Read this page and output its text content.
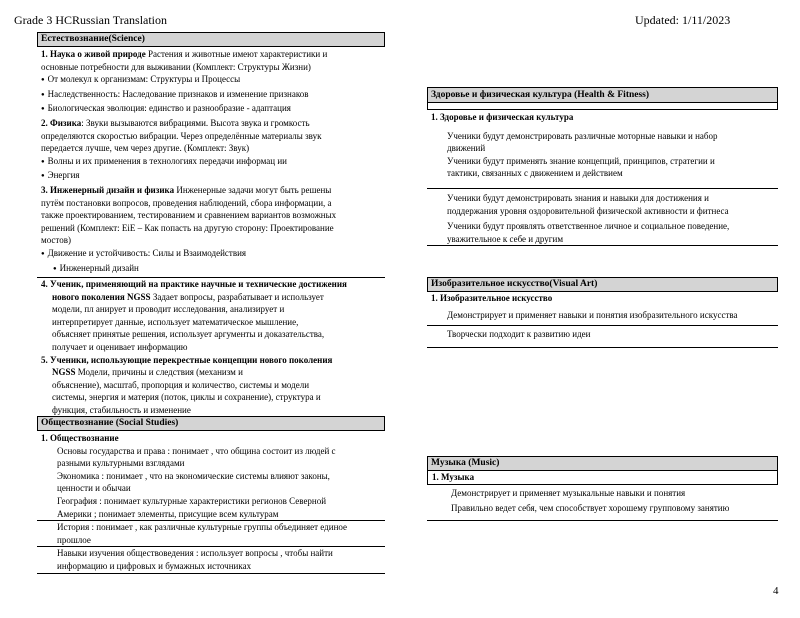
Grade 3 HCRussian Translation	Updated: 1/11/2023
Естествознание(Science)
1. Наука о живой природе Растения и животные имеют характеристики и
основные потребности для выживании (Комплект: Структуры Жизни)
● От молекул к организмам: Структуры и Процессы
● Наследственность: Наследование признаков и изменение признаков
● Биологическая эволюция: единство и разнообразие - адаптация
2. Физика: Звуки вызываются вибрациями. Высота звука и громкость
определяются скоростью вибрации. Через определённые материалы звук
передается лучше, чем через другие. (Комплект: Звук)
● Волны и их применения в технологиях передачи информац ии
● Энергия
3. Инженерный дизайн и физика Инженерные задачи могут быть решены
путём постановки вопросов, проведения наблюдений, сбора информации, а
также проектированием, тестированием и сравнением вариантов возможных
решений (Комплект: EiE – Как попасть на другую сторону: Проектирование
мостов)
● Движение и устойчивость: Силы и Взаимодействия
● Инженерный дизайн
4. Ученик, применяющий на практике научные и технические достижения
нового поколения NGSS Задает вопросы, разрабатывает и использует
модели, пл анирует и проводит исследования, анализирует и
интерпретирует данные, использует математическое мышление,
объясняет принятые решения, использует аргументы и доказательства,
получает и оценивает информацию
5. Ученики, использующие перекрестные концепции нового поколения
NGSS Модели, причины и следствия (механизм и
объяснение), масштаб, пропорция и количество, системы и модели
системы, энергия и материя (поток, циклы и сохранение), структура и
функция, стабильность и изменение
Обществознание (Social Studies)
1. Обществознание
Основы государства и права : понимает , что община состоит из людей с
разными культурными взглядами
Экономика : понимает , что на экономические системы влияют законы,
ценности и обычаи
География : понимает культурные характеристики регионов Северной
Америки ; понимает элементы, присущие всем культурам
История : понимает , как различные культурные группы объединяет единое
прошлое
Навыки изучения обществоведения : использует вопросы , чтобы найти
информацию и цифровых и бумажных источниках
Здоровье и физическая культура (Health & Fitness)
1. Здоровье и физическая культура
Ученики будут демонстрировать различные моторные навыки и набор
движений
Ученики будут применять знание концепций, принципов, стратегии и
тактики, связанных с движением и действием
Ученики будут демонстрировать знания и навыки для достижения и
поддержания уровня оздоровительной физической активности и фитнеса
Ученики будут проявлять ответственное личное и социальное поведение,
уважительное к себе и другим
Изобразительное искусство(Visual Art)
1. Изобразительное искусство
Демонстрирует и применяет навыки и понятия изобразительного искусства
Творчески подходит к развитию идеи
Музыка (Music)
1. Музыка
Демонстрирует и применяет музыкальные навыки и понятия
Правильно ведет себя, чем способствует хорошему групповому занятию
4
